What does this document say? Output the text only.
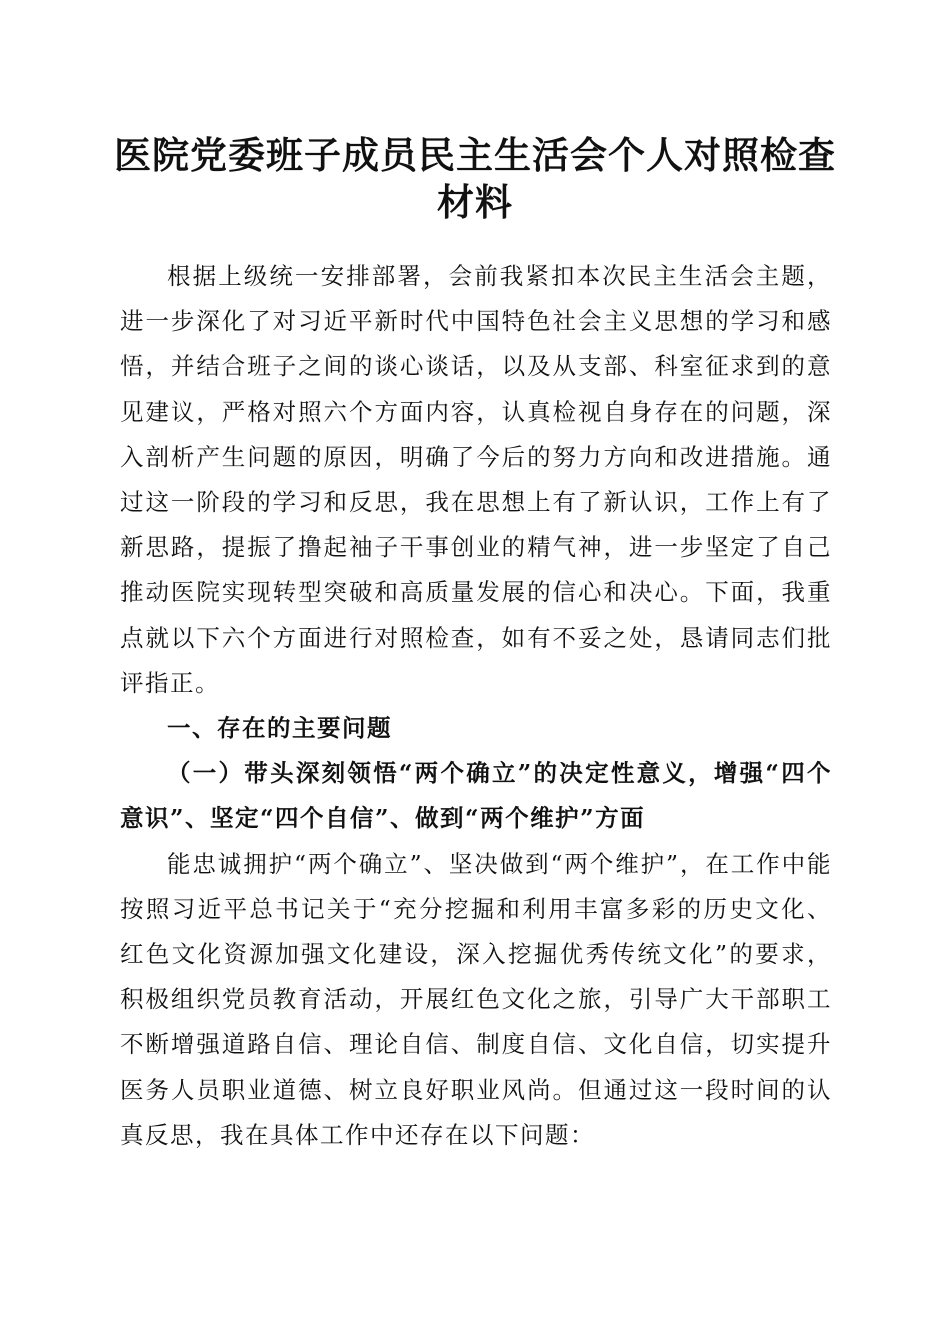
医院党委班子成员民主生活会个人对照检查材料

根据上级统一安排部署，会前我紧扣本次民主生活会主题，进一步深化了对习近平新时代中国特色社会主义思想的学习和感悟，并结合班子之间的谈心谈话，以及从支部、科室征求到的意见建议，严格对照六个方面内容，认真检视自身存在的问题，深入剖析产生问题的原因，明确了今后的努力方向和改进措施。通过这一阶段的学习和反思，我在思想上有了新认识，工作上有了新思路，提振了撸起袖子干事创业的精气神，进一步坚定了自己推动医院实现转型突破和高质量发展的信心和决心。下面，我重点就以下六个方面进行对照检查，如有不妥之处，恳请同志们批评指正。

一、存在的主要问题

（一）带头深刻领悟“两个确立”的决定性意义，增强“四个意识”、坚定“四个自信”、做到“两个维护”方面

能忠诚拥护“两个确立”、坚决做到“两个维护”，在工作中能按照习近平总书记关于“充分挖掘和利用丰富多彩的历史文化、红色文化资源加强文化建设，深入挖掘优秀传统文化”的要求，积极组织党员教育活动，开展红色文化之旅，引导广大干部职工不断增强道路自信、理论自信、制度自信、文化自信，切实提升医务人员职业道德、树立良好职业风尚。但通过这一段时间的认真反思，我在具体工作中还存在以下问题：
